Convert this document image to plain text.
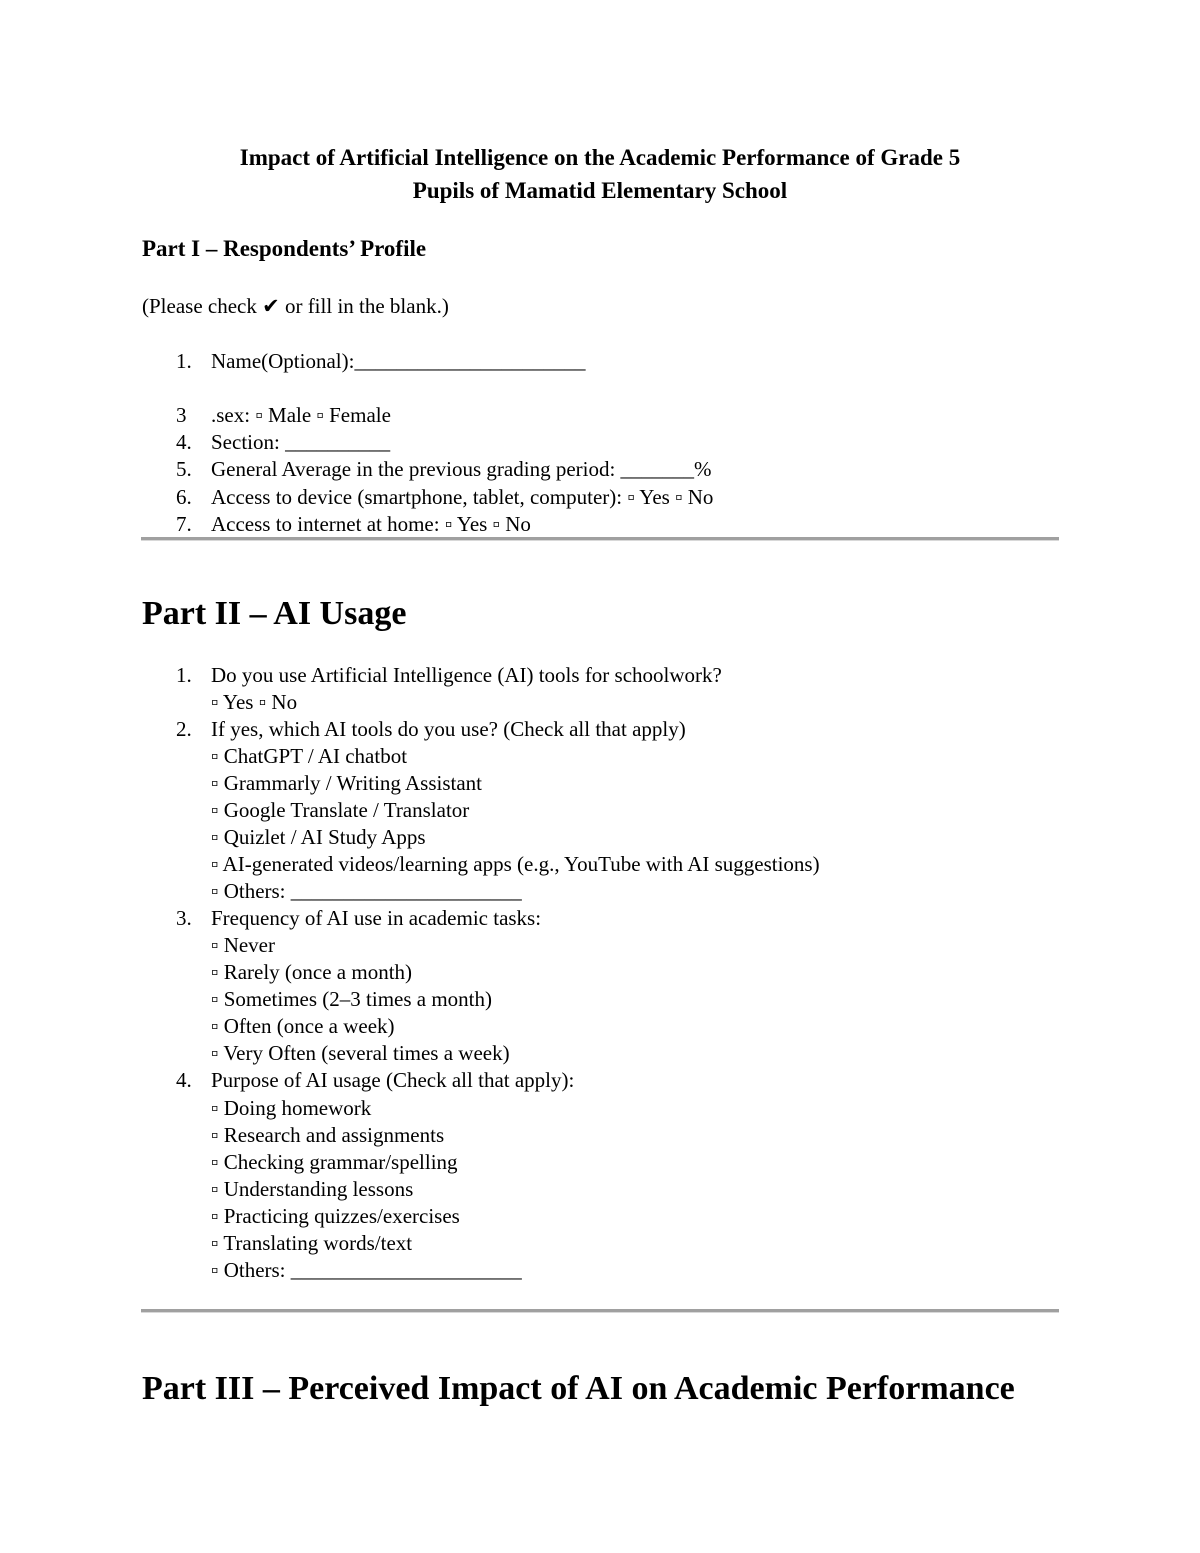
Impact of Artificial Intelligence on the Academic Performance of Grade 5
Pupils of Mamatid Elementary School
Part I – Respondents’ Profile

(Please check ✔ or fill in the blank.)

1. Name(Optional):______________________

3 .sex: ▫ Male ▫ Female

4. Section: __________

5. General Average in the previous grading period: _______%

6. Access to device (smartphone, tablet, computer): ▫ Yes ▫ No

7. Access to internet at home: ▫ Yes ▫ No

Part II – AI Usage

1. Do you use Artificial Intelligence (AI) tools for schoolwork?

▫ Yes ▫ No

2. If yes, which AI tools do you use? (Check all that apply)

▫ ChatGPT / AI chatbot

▫ Grammarly / Writing Assistant

▫ Google Translate / Translator

▫ Quizlet / AI Study Apps

▫ AI-generated videos/learning apps (e.g., YouTube with AI suggestions)

▫ Others: ______________________

3. Frequency of AI use in academic tasks:

▫ Never

▫ Rarely (once a month)

▫ Sometimes (2–3 times a month)

▫ Often (once a week)

▫ Very Often (several times a week)

4. Purpose of AI usage (Check all that apply):

▫ Doing homework

▫ Research and assignments

▫ Checking grammar/spelling

▫ Understanding lessons

▫ Practicing quizzes/exercises

▫ Translating words/text

▫ Others: ______________________

Part III – Perceived Impact of AI on Academic Performance
